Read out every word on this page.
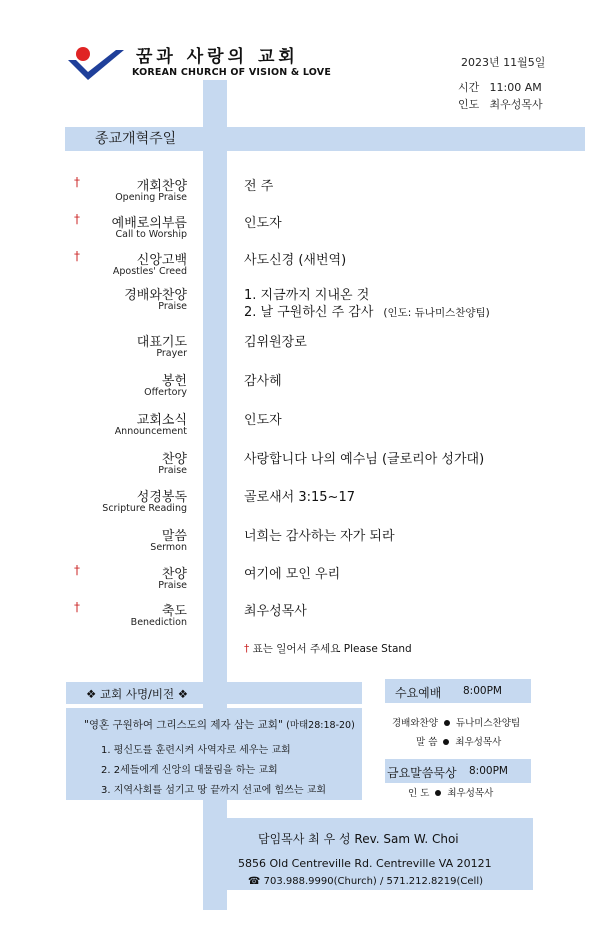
꿈과 사랑의 교회
KOREAN CHURCH OF VISION & LOVE
2023년 11월5일
시간 11:00 AM
인도 최우성목사
종교개혁주일
†	개회찬양
Opening Praise
전 주
† 예배로의부름
Call to Worship
인도자
†	신앙고백
Apostles' Creed
사도신경 (새번역)
경배와찬양
Praise
1. 지금까지 지내온 것
2. 날 구원하신 주 감사 (인도: 듀나미스찬양팀)
대표기도
Prayer
김위원장로
봉헌
Offertory
감사헤
교회소식
Announcement
인도자
찬양
Praise
사랑합니다 나의 예수님 (글로리아 성가대)
성경봉독
Scripture Reading
골로새서 3:15~17
말씀
Sermon
너희는 감사하는 자가 되라
†	찬양
Praise
여기에 모인 우리
†	축도
Benediction
최우성목사
† 표는 일어서 주세요 Please Stand
❖ 교회 사명/비전 ❖
"영혼 구원하여 그리스도의 제자 삼는 교회" (마태28:18-20)
1. 평신도를 훈련시켜 사역자로 세우는 교회
2. 2세들에게 신앙의 대물림을 하는 교회
3. 지역사회를 섬기고 땅 끝까지 선교에 힘쓰는 교회
수요예배 8:00PM
경배와찬양 듀나미스찬양팀
말 씀 최우성목사
금요말씀묵상 8:00PM
인 도 최우성목사
담임목사 최 우 성 Rev. Sam W. Choi
5856 Old Centreville Rd. Centreville VA 20121
☎ 703.988.9990(Church) / 571.212.8219(Cell)
